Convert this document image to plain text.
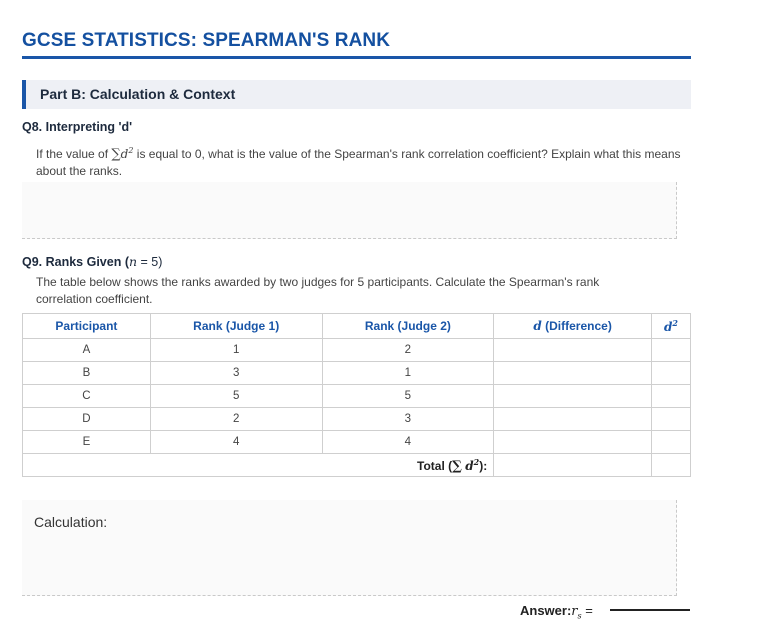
GCSE STATISTICS: SPEARMAN'S RANK
Part B: Calculation & Context
Q8. Interpreting 'd'
If the value of $\sum d^2$ is equal to 0, what is the value of the Spearman's rank correlation coefficient? Explain what this means about the ranks.
Q9. Ranks Given (n = 5)
The table below shows the ranks awarded by two judges for 5 participants. Calculate the Spearman's rank correlation coefficient.
Participant	Rank (Judge 1)	Rank (Judge 2)	d (Difference)	$d^2$
A	1	2		
B	3	1		
C	5	5		
D	2	3		
E	4	4		
Total (∑ $d^2$):				
Calculation:
$Answer:r_s$ =
